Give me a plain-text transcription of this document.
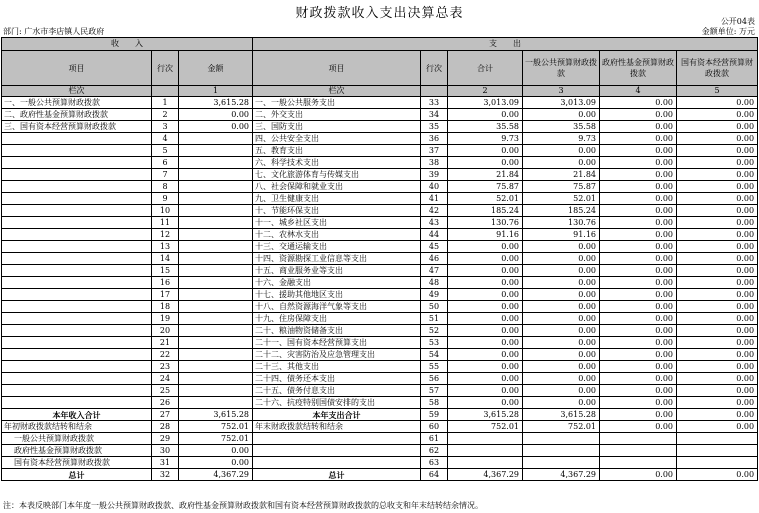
财政拨款收入支出决算总表
公开04表
部门: 广水市李店镇人民政府	金额单位: 万元
收　　入			支　　出					
项目	行次	金额	项目	行次	合计	一般公共预算财政拨款	政府性基金预算财政拨款	国有资本经营预算财政拨款
栏次		1	栏次		2	3	4	5
一、一般公共预算财政拨款	1	3,615.28	一、一般公共服务支出	33	3,013.09	3,013.09	0.00	0.00
二、政府性基金预算财政拨款	2	0.00	二、外交支出	34	0.00	0.00	0.00	0.00
三、国有资本经营预算财政拨款	3	0.00	三、国防支出	35	35.58	35.58	0.00	0.00
	4		四、公共安全支出	36	9.73	9.73	0.00	0.00
	5		五、教育支出	37	0.00	0.00	0.00	0.00
	6		六、科学技术支出	38	0.00	0.00	0.00	0.00
	7		七、文化旅游体育与传媒支出	39	21.84	21.84	0.00	0.00
	8		八、社会保障和就业支出	40	75.87	75.87	0.00	0.00
	9		九、卫生健康支出	41	52.01	52.01	0.00	0.00
	10		十、节能环保支出	42	185.24	185.24	0.00	0.00
	11		十一、城乡社区支出	43	130.76	130.76	0.00	0.00
	12		十二、农林水支出	44	91.16	91.16	0.00	0.00
	13		十三、交通运输支出	45	0.00	0.00	0.00	0.00
	14		十四、资源勘探工业信息等支出	46	0.00	0.00	0.00	0.00
	15		十五、商业服务业等支出	47	0.00	0.00	0.00	0.00
	16		十六、金融支出	48	0.00	0.00	0.00	0.00
	17		十七、援助其他地区支出	49	0.00	0.00	0.00	0.00
	18		十八、自然资源海洋气象等支出	50	0.00	0.00	0.00	0.00
	19		十九、住房保障支出	51	0.00	0.00	0.00	0.00
	20		二十、粮油物资储备支出	52	0.00	0.00	0.00	0.00
	21		二十一、国有资本经营预算支出	53	0.00	0.00	0.00	0.00
	22		二十二、灾害防治及应急管理支出	54	0.00	0.00	0.00	0.00
	23		二十三、其他支出	55	0.00	0.00	0.00	0.00
	24		二十四、债务还本支出	56	0.00	0.00	0.00	0.00
	25		二十五、债务付息支出	57	0.00	0.00	0.00	0.00
	26		二十六、抗疫特别国债安排的支出	58	0.00	0.00	0.00	0.00
本年收入合计	27	3,615.28	本年支出合计	59	3,615.28	3,615.28	0.00	0.00
年初财政拨款结转和结余	28	752.01	年末财政拨款结转和结余	60	752.01	752.01	0.00	0.00
一般公共预算财政拨款	29	752.01		61				
政府性基金预算财政拨款	30	0.00		62				
国有资本经营预算财政拨款	31	0.00		63				
总计	32	4,367.29	总计	64	4,367.29	4,367.29	0.00	0.00
注：本表反映部门本年度一般公共预算财政拨款、政府性基金预算财政拨款和国有资本经营预算财政拨款的总收支和年末结转结余情况。
